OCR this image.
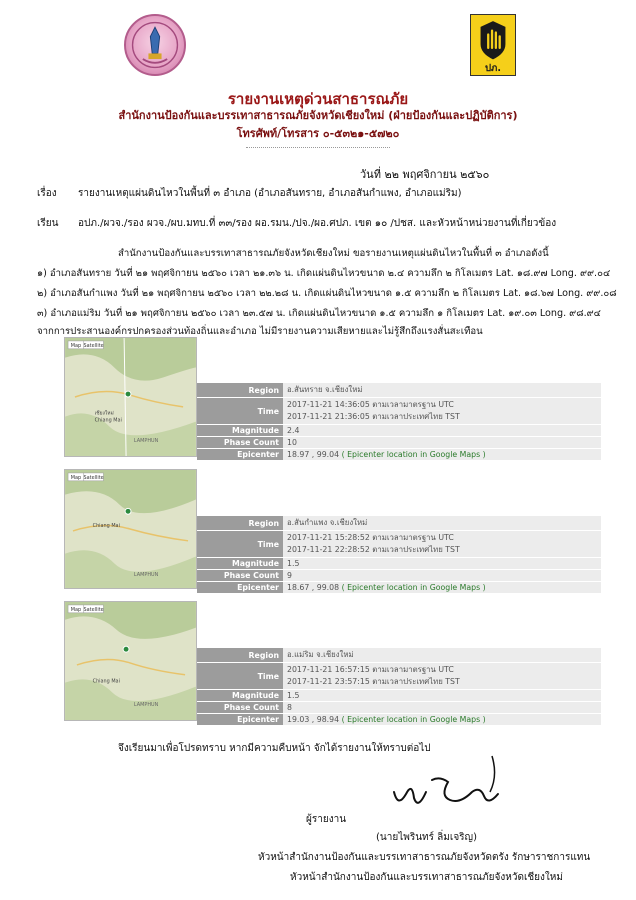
ปภ.
รายงานเหตุด่วนสาธารณภัย
สำนักงานป้องกันและบรรเทาสาธารณภัยจังหวัดเชียงใหม่ (ฝ่ายป้องกันและปฏิบัติการ)
โทรศัพท์/โทรสาร ๐-๕๓๒๑-๕๗๒๐
วันที่ ๒๒ พฤศจิกายน ๒๕๖๐
เรื่อง รายงานเหตุแผ่นดินไหวในพื้นที่ ๓ อำเภอ (อำเภอสันทราย, อำเภอสันกำแพง, อำเภอแม่ริม)
เรียน อปภ./ผวจ./รอง ผวจ./ผบ.มทบ.ที่ ๓๓/รอง ผอ.รมน./ปจ./ผอ.ศปภ. เขต ๑๐ /ปชส. และหัวหน้าหน่วยงานที่เกี่ยวข้อง
สำนักงานป้องกันและบรรเทาสาธารณภัยจังหวัดเชียงใหม่ ขอรายงานเหตุแผ่นดินไหวในพื้นที่ ๓ อำเภอดังนี้
๑) อำเภอสันทราย วันที่ ๒๑ พฤศจิกายน ๒๕๖๐ เวลา ๒๑.๓๖ น. เกิดแผ่นดินไหวขนาด ๒.๔ ความลึก ๒ กิโลเมตร Lat. ๑๘.๙๗ Long. ๙๙.๐๔
๒) อำเภอสันกำแพง วันที่ ๒๑ พฤศจิกายน ๒๕๖๐ เวลา ๒๒.๒๘ น. เกิดแผ่นดินไหวขนาด ๑.๕ ความลึก ๒ กิโลเมตร Lat. ๑๘.๖๗ Long. ๙๙.๐๘
๓) อำเภอแม่ริม วันที่ ๒๑ พฤศจิกายน ๒๕๖๐ เวลา ๒๓.๕๗ น. เกิดแผ่นดินไหวขนาด ๑.๕ ความลึก ๑ กิโลเมตร Lat. ๑๙.๐๓ Long. ๙๘.๙๔
จากการประสานองค์กรปกครองส่วนท้องถิ่นและอำเภอ ไม่มีรายงานความเสียหายและไม่รู้สึกถึงแรงสั่นสะเทือน
Map Satellite
Chiang Mai
เชียงใหม่
LAMPHUN
Map Satellite
Chiang Mai
LAMPHUN
Map Satellite
Chiang Mai
LAMPHUN
Region	อ.สันทราย จ.เชียงใหม่
Time	2017-11-21 14:36:05 ตามเวลามาตรฐาน UTC
2017-11-21 21:36:05 ตามเวลาประเทศไทย TST

Magnitude	2.4
Phase Count	10
Epicenter	18.97 , 99.04 ( Epicenter location in Google Maps )
Region	อ.สันกำแพง จ.เชียงใหม่
Time	2017-11-21 15:28:52 ตามเวลามาตรฐาน UTC
2017-11-21 22:28:52 ตามเวลาประเทศไทย TST

Magnitude	1.5
Phase Count	9
Epicenter	18.67 , 99.08 ( Epicenter location in Google Maps )
Region	อ.แม่ริม จ.เชียงใหม่
Time	2017-11-21 16:57:15 ตามเวลามาตรฐาน UTC
2017-11-21 23:57:15 ตามเวลาประเทศไทย TST

Magnitude	1.5
Phase Count	8
Epicenter	19.03 , 98.94 ( Epicenter location in Google Maps )
จึงเรียนมาเพื่อโปรดทราบ หากมีความคืบหน้า จักได้รายงานให้ทราบต่อไป
ผู้รายงาน
(นายไพรินทร์ ลิ่มเจริญ)
หัวหน้าสำนักงานป้องกันและบรรเทาสาธารณภัยจังหวัดตรัง รักษาราชการแทน
หัวหน้าสำนักงานป้องกันและบรรเทาสาธารณภัยจังหวัดเชียงใหม่
